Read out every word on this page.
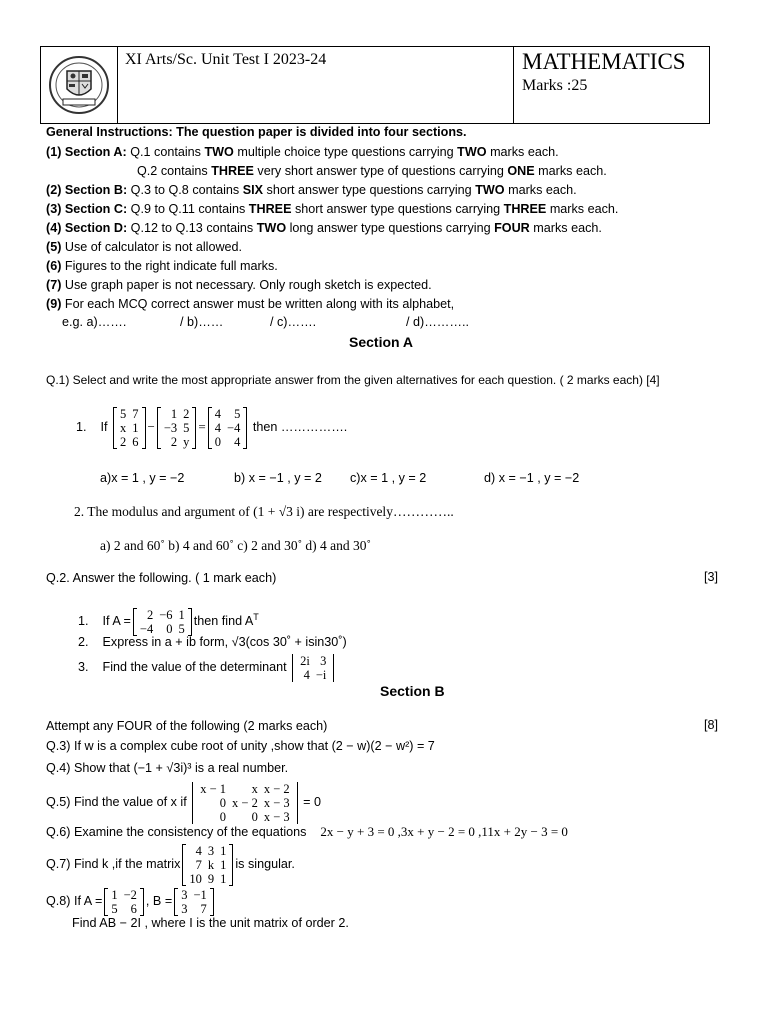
XI Arts/Sc. Unit Test I 2023-24	MATHEMATICS
Marks :25
General Instructions: The question paper is divided into four sections.
(1) Section A: Q.1 contains TWO multiple choice type questions carrying TWO marks each.
Q.2 contains THREE very short answer type of questions carrying ONE marks each.
(2) Section B: Q.3 to Q.8 contains SIX short answer type questions carrying TWO marks each.
(3) Section C: Q.9 to Q.11 contains THREE short answer type questions carrying THREE marks each.
(4) Section D: Q.12 to Q.13 contains TWO long answer type questions carrying FOUR marks each.
(5) Use of calculator is not allowed.
(6) Figures to the right indicate full marks.
(7) Use graph paper is not necessary. Only rough sketch is expected.
(9) For each MCQ correct answer must be written along with its alphabet,
e.g. a)…….	/ b)……	/ c)…….	/ d)………..
Section A
Q.1) Select and write the most appropriate answer from the given alternatives for each question. ( 2 marks each) [4]
1. If
5	7
x	1
2	6
−
1	2
−3	5
2	y
=
4	5
4	−4
0	4
then …………….
a)x = 1 , y = −2	b) x = −1 , y = 2 c)x = 1 , y = 2	d) x = −1 , y = −2
2. The modulus and argument of (1 + √3 i) are respectively…………..
a) 2 and 60˚ b) 4 and 60˚ c) 2 and 30˚ d) 4 and 30˚
Q.2. Answer the following. ( 1 mark each)	[3]
1. If A = 2	−6	1
−4	0	5
then find $A^T$
2. Express in a + ib form, √3(cos 30˚ + isin30˚)
3. Find the value of the determinant 2i	3
4	−i
Section B
Attempt any FOUR of the following (2 marks each)	[8]
Q.3) If w is a complex cube root of unity ,show that (2 − w)(2 − w²) = 7
Q.4) Show that (−1 + √3i)³ is a real number.
Q.5) Find the value of x if
x − 1	x	x − 2
0	x − 2	x − 3
0	0	x − 3
= 0
Q.6) Examine the consistency of the equations 2x − y + 3 = 0 ,3x + y − 2 = 0 ,11x + 2y − 3 = 0
Q.7) Find k ,if the matrix
4	3	1
7	k	1
10	9	1
is singular.
Q.8) If A = 1	−2
5	6
, B = 3	−1
3	7
Find AB − 2I , where I is the unit matrix of order 2.
